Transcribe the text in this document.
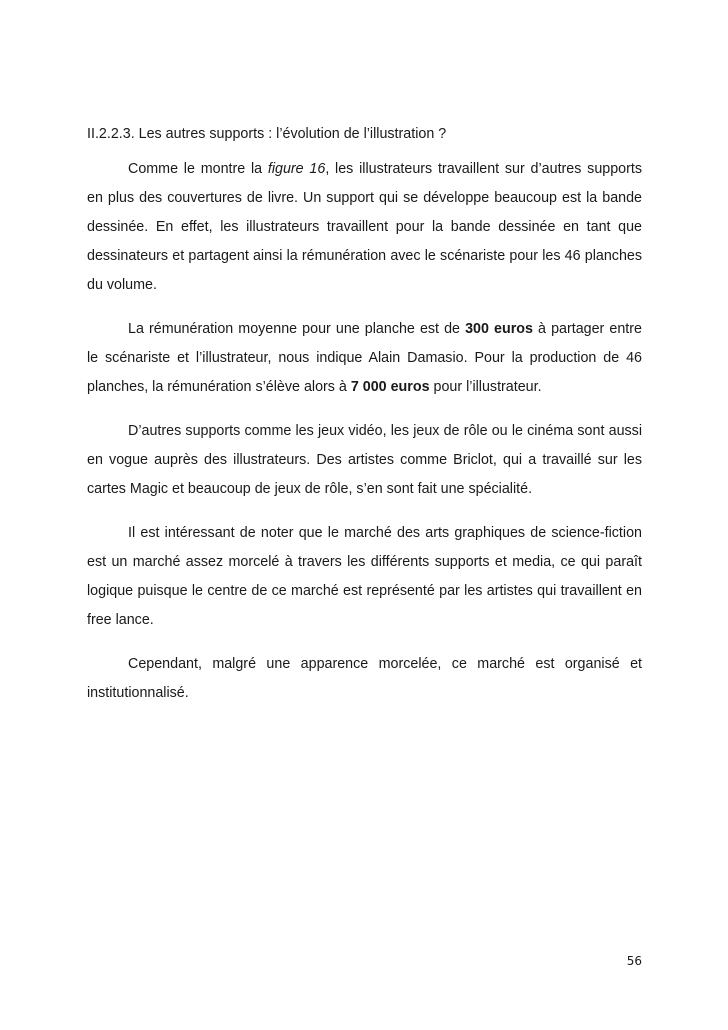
II.2.2.3. Les autres supports : l’évolution de l’illustration ?

Comme le montre la figure 16, les illustrateurs travaillent sur d’autres supports en plus des couvertures de livre. Un support qui se développe beaucoup est la bande dessinée. En effet, les illustrateurs travaillent pour la bande dessinée en tant que dessinateurs et partagent ainsi la rémunération avec le scénariste pour les 46 planches du volume.

La rémunération moyenne pour une planche est de 300 euros à partager entre le scénariste et l’illustrateur, nous indique Alain Damasio. Pour la production de 46 planches, la rémunération s’élève alors à 7 000 euros pour l’illustrateur.

D’autres supports comme les jeux vidéo, les jeux de rôle ou le cinéma sont aussi en vogue auprès des illustrateurs. Des artistes comme Briclot, qui a travaillé sur les cartes Magic et beaucoup de jeux de rôle, s’en sont fait une spécialité.

Il est intéressant de noter que le marché des arts graphiques de science-fiction est un marché assez morcelé à travers les différents supports et media, ce qui paraît logique puisque le centre de ce marché est représenté par les artistes qui travaillent en free lance.

Cependant, malgré une apparence morcelée, ce marché est organisé et institutionnalisé.

56
